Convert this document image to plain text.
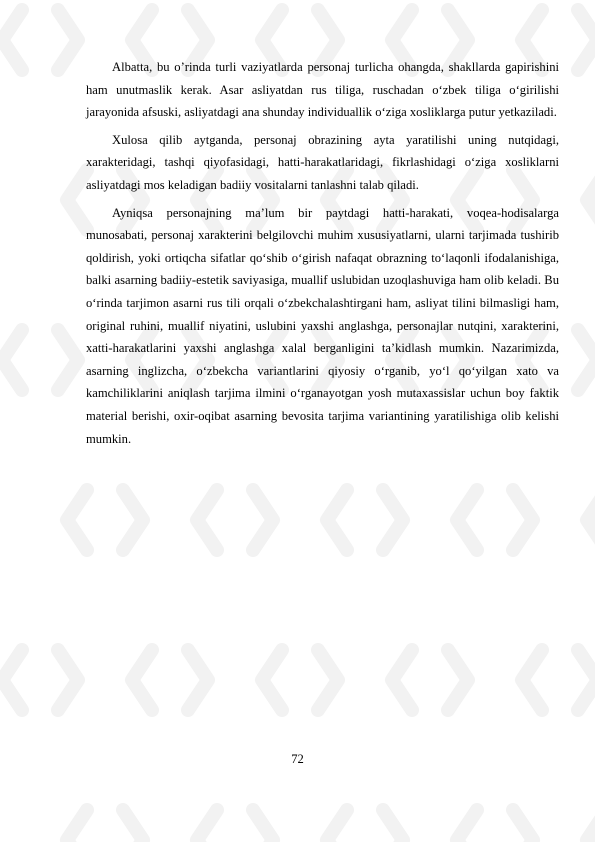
Albatta, bu o’rinda turli vaziyatlarda personaj turlicha ohangda, shakllarda gapirishini ham unutmaslik kerak. Asar asliyatdan rus tiliga, ruschadan o‘zbek tiliga o‘girilishi jarayonida afsuski, asliyatdagi ana shunday individuallik o‘ziga xosliklarga putur yetkaziladi.

Xulosa qilib aytganda, personaj obrazining ayta yaratilishi uning nutqidagi, xarakteridagi, tashqi qiyofasidagi, hatti-harakatlaridagi, fikrlashidagi o‘ziga xosliklarni asliyatdagi mos keladigan badiiy vositalarni tanlashni talab qiladi.

Ayniqsa personajning ma’lum bir paytdagi hatti-harakati, voqea-hodisalarga munosabati, personaj xarakterini belgilovchi muhim xususiyatlarni, ularni tarjimada tushirib qoldirish, yoki ortiqcha sifatlar qo‘shib o‘girish nafaqat obrazning to‘laqonli ifodalanishiga, balki asarning badiiy-estetik saviyasiga, muallif uslubidan uzoqlashuviga ham olib keladi. Bu o‘rinda tarjimon asarni rus tili orqali o‘zbekchalashtirgani ham, asliyat tilini bilmasligi ham, original ruhini, muallif niyatini, uslubini yaxshi anglashga, personajlar nutqini, xarakterini, xatti-harakatlarini yaxshi anglashga xalal berganligini ta’kidlash mumkin. Nazarimizda, asarning inglizcha, o‘zbekcha variantlarini qiyosiy o‘rganib, yo‘l qo‘yilgan xato va kamchiliklarini aniqlash tarjima ilmini o‘rganayotgan yosh mutaxassislar uchun boy faktik material berishi, oxir-oqibat asarning bevosita tarjima variantining yaratilishiga olib kelishi mumkin.

72
